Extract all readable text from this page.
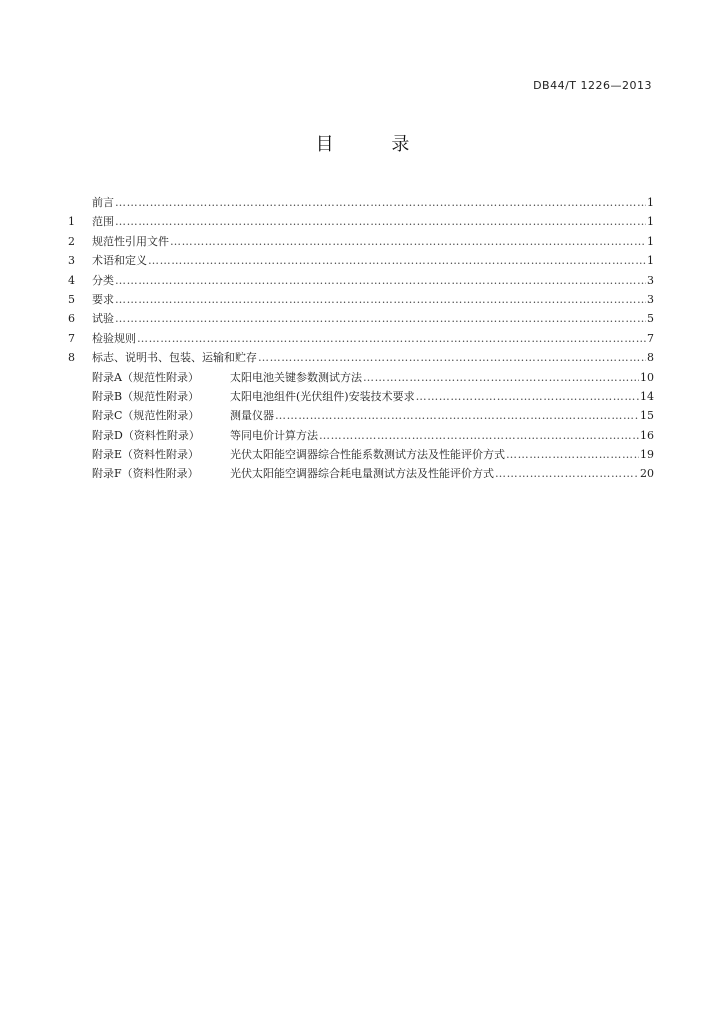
DB44/T 1226—2013
目 录
前言 ………………………………………………………………………………………………………………………………………………………………	1
1	范围 ………………………………………………………………………………………………………………………………………………………………	1
2	规范性引用文件 ………………………………………………………………………………………………………………………………………………………………	1
3	术语和定义 ………………………………………………………………………………………………………………………………………………………………	1
4	分类 ………………………………………………………………………………………………………………………………………………………………	3
5	要求 ………………………………………………………………………………………………………………………………………………………………	3
6	试验 ………………………………………………………………………………………………………………………………………………………………	5
7	检验规则 ………………………………………………………………………………………………………………………………………………………………	7
8	标志、说明书、包装、运输和贮存 ………………………………………………………………………………………………………………………………………………………………	8
附录A（规范性附录）	太阳电池关键参数测试方法 ………………………………………………………………………………………………………………………………………………………………	10
附录B（规范性附录）	太阳电池组件(光伏组件)安装技术要求 ………………………………………………………………………………………………………………………………………………………………	14
附录C（规范性附录）	测量仪器 ………………………………………………………………………………………………………………………………………………………………	15
附录D（资料性附录）	等同电价计算方法 ………………………………………………………………………………………………………………………………………………………………	16
附录E（资料性附录）	光伏太阳能空调器综合性能系数测试方法及性能评价方式 ………………………………………………………………………………………………………………………………………………………………	19
附录F（资料性附录）	光伏太阳能空调器综合耗电量测试方法及性能评价方式 ………………………………………………………………………………………………………………………………………………………………	20
